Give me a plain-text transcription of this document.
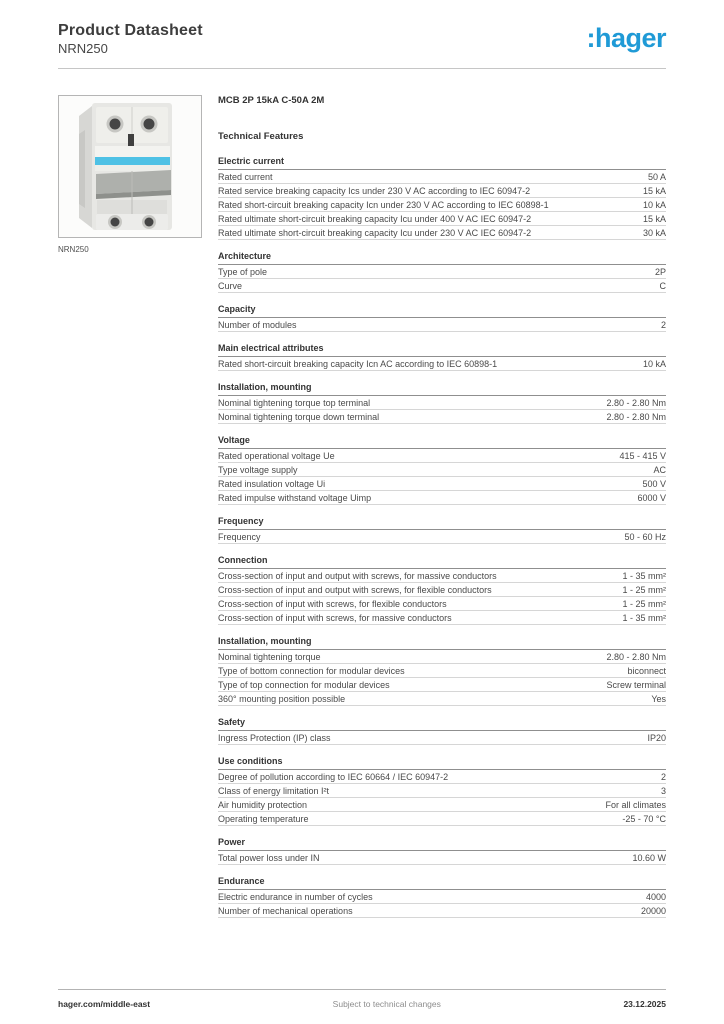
Product Datasheet
NRN250	:hager
NRN250
MCB 2P 15kA C-50A 2M
Technical Features
Electric current
Rated current	50 A
Rated service breaking capacity Ics under 230 V AC according to IEC 60947-2	15 kA
Rated short-circuit breaking capacity Icn under 230 V AC according to IEC 60898-1	10 kA
Rated ultimate short-circuit breaking capacity Icu under 400 V AC IEC 60947-2	15 kA
Rated ultimate short-circuit breaking capacity Icu under 230 V AC IEC 60947-2	30 kA
Architecture
Type of pole	2P
Curve	C
Capacity
Number of modules	2
Main electrical attributes
Rated short-circuit breaking capacity Icn AC according to IEC 60898-1	10 kA
Installation, mounting
Nominal tightening torque top terminal	2.80 - 2.80 Nm
Nominal tightening torque down terminal	2.80 - 2.80 Nm
Voltage
Rated operational voltage Ue	415 - 415 V
Type voltage supply	AC
Rated insulation voltage Ui	500 V
Rated impulse withstand voltage Uimp	6000 V
Frequency
Frequency	50 - 60 Hz
Connection
Cross-section of input and output with screws, for massive conductors	1 - 35 mm²
Cross-section of input and output with screws, for flexible conductors	1 - 25 mm²
Cross-section of input with screws, for flexible conductors	1 - 25 mm²
Cross-section of input with screws, for massive conductors	1 - 35 mm²
Installation, mounting
Nominal tightening torque	2.80 - 2.80 Nm
Type of bottom connection for modular devices	biconnect
Type of top connection for modular devices	Screw terminal
360° mounting position possible	Yes
Safety
Ingress Protection (IP) class	IP20
Use conditions
Degree of pollution according to IEC 60664 / IEC 60947-2	2
Class of energy limitation I²t	3
Air humidity protection	For all climates
Operating temperature	-25 - 70 °C
Power
Total power loss under IN	10.60 W
Endurance
Electric endurance in number of cycles	4000
Number of mechanical operations	20000
hager.com/middle-east	Subject to technical changes	23.12.2025
